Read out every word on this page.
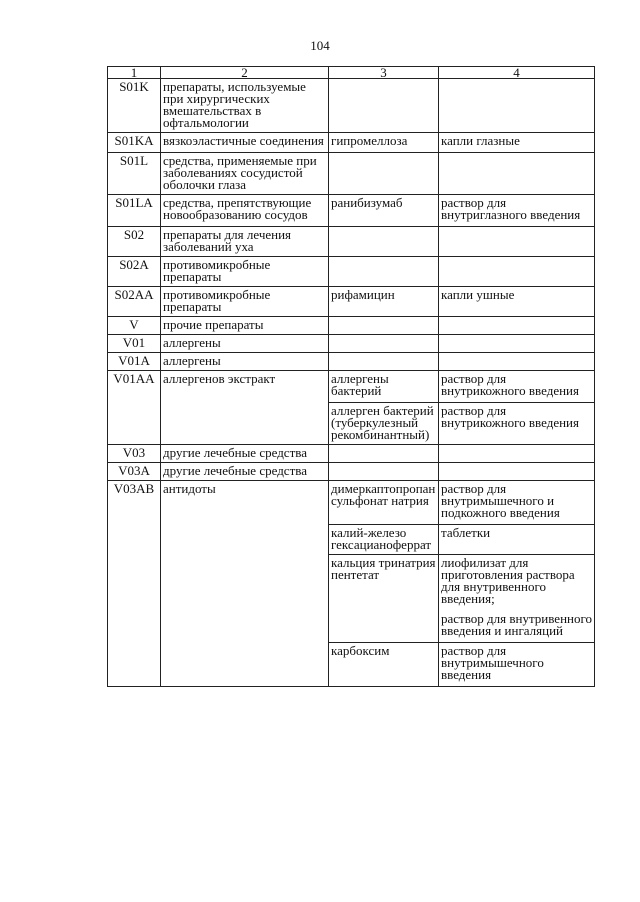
104
1	2	3	4
S01K	препараты, используемые при хирургических вмешательствах в офтальмологии		
S01KA	вязкоэластичные соединения	гипромеллоза	капли глазные

S01L	средства, применяемые при заболеваниях сосудистой оболочки глаза		
S01LA	средства, препятствующие новообразованию сосудов	ранибизумаб	раствор для внутриглазного введения

S02	препараты для лечения заболеваний уха		
S02A	противомикробные препараты		
S02AA	противомикробные препараты	рифамицин	капли ушные

V	прочие препараты		
V01	аллергены		
V01A	аллергены		
V01AA	аллергенов экстракт	аллергены бактерий	раствор для внутрикожного введения

		аллерген бактерий (туберкулезный рекомбинантный)	раствор для внутрикожного введения

V03	другие лечебные средства		
V03A	другие лечебные средства		
V03AB	антидоты	димеркаптопропансульфонат натрия	раствор для внутримышечного и подкожного введения

		калий-железо гексацианоферрат	таблетки

		кальция тринатрия пентетат	лиофилизат для приготовления раствора для внутривенного введения;
раствор для внутривенного введения и ингаляций

		карбоксим	раствор для внутримышечного введения
